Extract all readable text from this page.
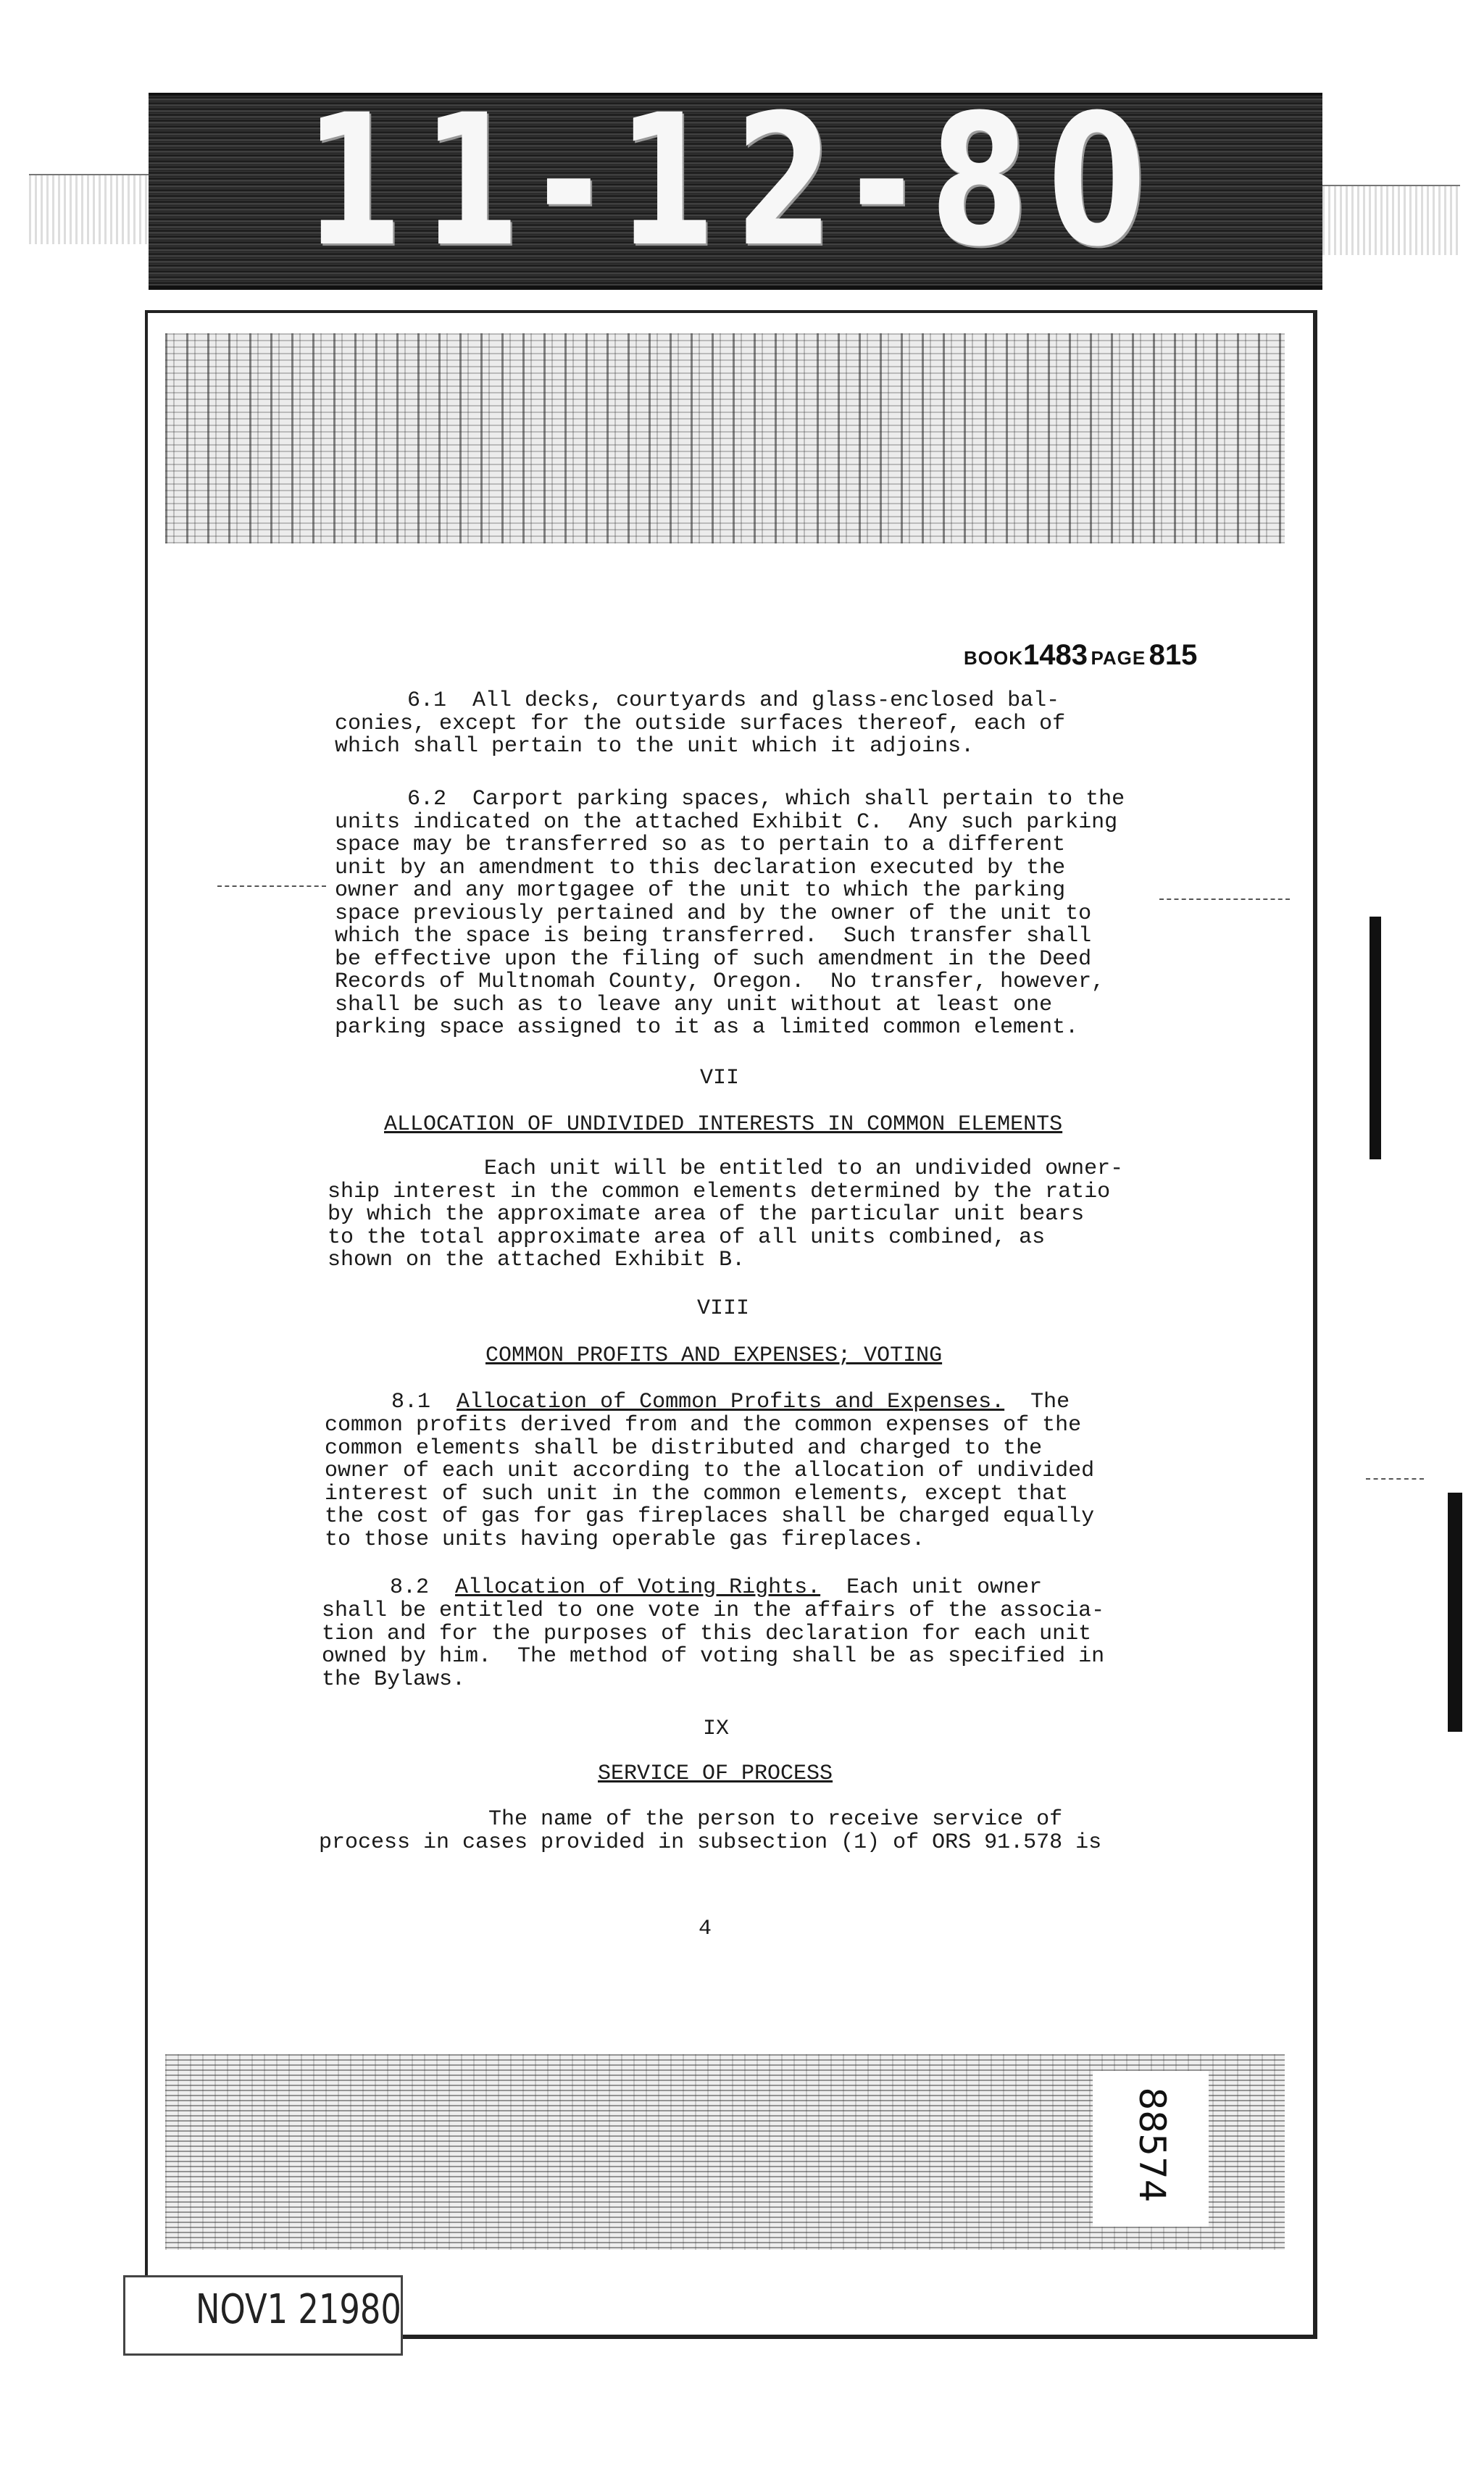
11-12-80
88574
NOV1 21980
BOOK1483 PAGE 815
6.1 All decks, courtyards and glass-enclosed bal-
conies, except for the outside surfaces thereof, each of
which shall pertain to the unit which it adjoins.
6.2 Carport parking spaces, which shall pertain to the
units indicated on the attached Exhibit C.  Any such parking
space may be transferred so as to pertain to a different
unit by an amendment to this declaration executed by the
owner and any mortgagee of the unit to which the parking
space previously pertained and by the owner of the unit to
which the space is being transferred.  Such transfer shall
be effective upon the filing of such amendment in the Deed
Records of Multnomah County, Oregon.  No transfer, however,
shall be such as to leave any unit without at least one
parking space assigned to it as a limited common element.
VII
ALLOCATION OF UNDIVIDED INTERESTS IN COMMON ELEMENTS
Each unit will be entitled to an undivided owner-
ship interest in the common elements determined by the ratio
by which the approximate area of the particular unit bears
to the total approximate area of all units combined, as
shown on the attached Exhibit B.
VIII
COMMON PROFITS AND EXPENSES; VOTING
8.1 Allocation of Common Profits and Expenses. The
common profits derived from and the common expenses of the
common elements shall be distributed and charged to the
owner of each unit according to the allocation of undivided
interest of such unit in the common elements, except that
the cost of gas for gas fireplaces shall be charged equally
to those units having operable gas fireplaces.
8.2 Allocation of Voting Rights. Each unit owner
shall be entitled to one vote in the affairs of the associa-
tion and for the purposes of this declaration for each unit
owned by him.  The method of voting shall be as specified in
the Bylaws.
IX
SERVICE OF PROCESS
The name of the person to receive service of
process in cases provided in subsection (1) of ORS 91.578 is
4
